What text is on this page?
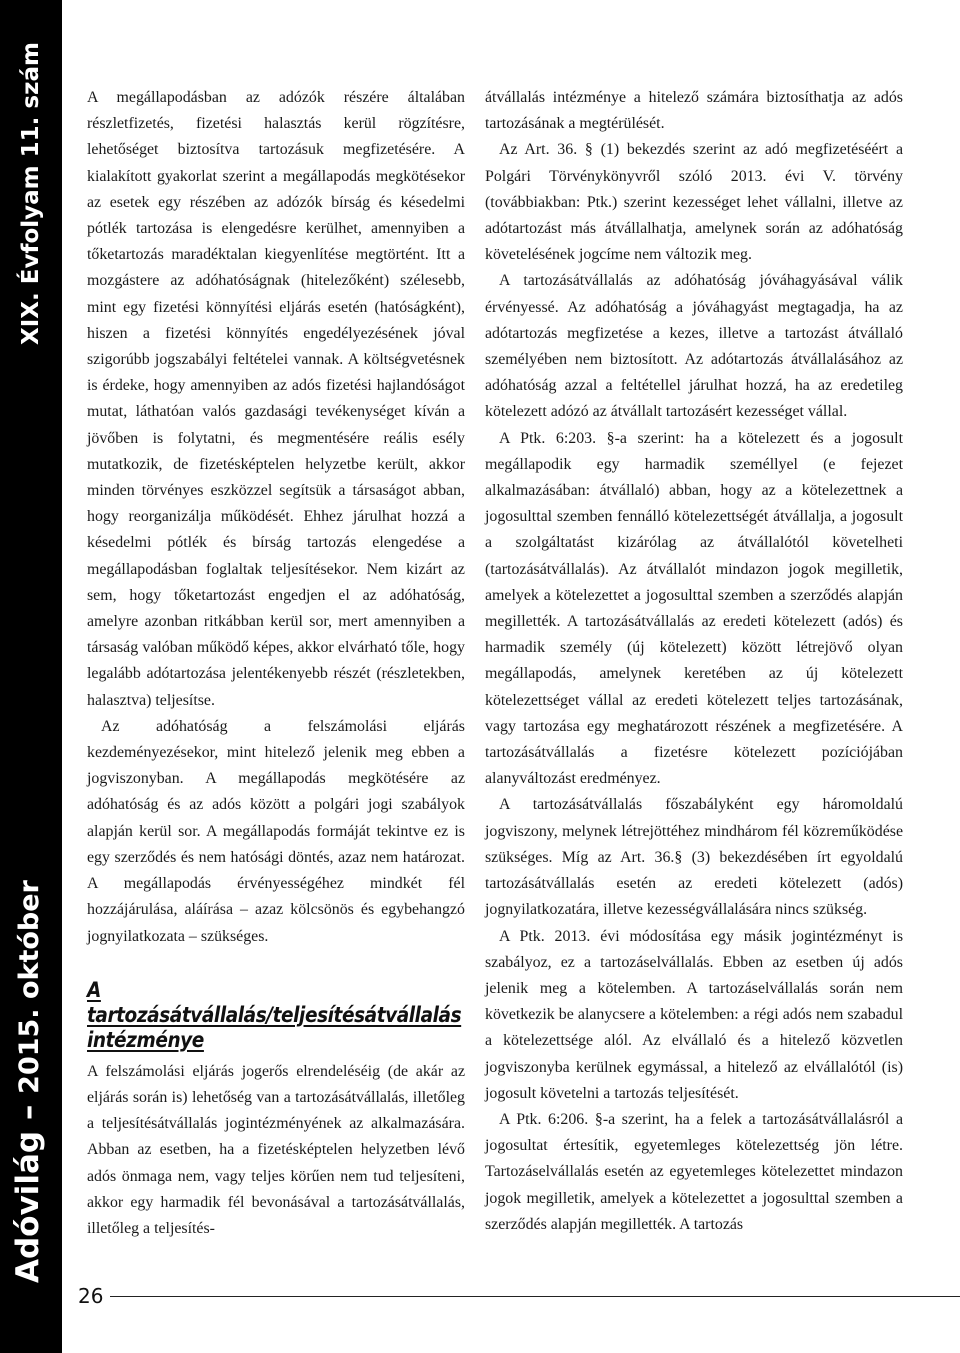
Adóvilág – 2015. október
XIX. Évfolyam 11. szám	A megállapodásban az adózók részére általában részletfizetés, fizetési halasztás kerül rögzítésre, lehetőséget biztosítva tartozásuk megfizetésére. A kialakított gyakorlat szerint a megállapodás megkötésekor az esetek egy részében az adózók bírság és késedelmi pótlék tartozása is elengedésre kerülhet, amennyiben a tőketartozás maradéktalan kiegyenlítése megtörtént. Itt a mozgástere az adóhatóságnak (hitelezőként) szélesebb, mint egy fizetési könnyítési eljárás esetén (hatóságként), hiszen a fizetési könnyítés engedélyezésének jóval szigorúbb jogszabályi feltételei vannak. A költségvetésnek is érdeke, hogy amennyiben az adós fizetési hajlandóságot mutat, láthatóan valós gazdasági tevékenységet kíván a jövőben is folytatni, és megmentésére reális esély mutatkozik, de fizetésképtelen helyzetbe került, akkor minden törvényes eszközzel segítsük a társaságot abban, hogy reorganizálja működését. Ehhez járulhat hozzá a késedelmi pótlék és bírság tartozás elengedése a megállapodásban foglaltak teljesítésekor. Nem kizárt az sem, hogy tőketartozást engedjen el az adóhatóság, amelyre azonban ritkábban kerül sor, mert amennyiben a társaság valóban működő képes, akkor elvárható tőle, hogy legalább adótartozása jelentékenyebb részét (részletekben, halasztva) teljesítse.

Az adóhatóság a felszámolási eljárás kezdeményezésekor, mint hitelező jelenik meg ebben a jogviszonyban. A megállapodás megkötésére az adóhatóság és az adós között a polgári jogi szabályok alapján kerül sor. A megállapodás formáját tekintve ez is egy szerződés és nem hatósági döntés, azaz nem határozat. A megállapodás érvényességéhez mindkét fél hozzájárulása, aláírása – azaz kölcsönös és egybehangzó jognyilatkozata – szükséges.

A tartozásátvállalás/teljesítésátvállalás intézménye

A felszámolási eljárás jogerős elrendeléséig (de akár az eljárás során is) lehetőség van a tartozásátvállalás, illetőleg a teljesítésátvállalás jogintézményének az alkalmazására. Abban az esetben, ha a fizetésképtelen helyzetben lévő adós önmaga nem, vagy teljes körűen nem tud teljesíteni, akkor egy harmadik fél bevonásával a tartozásátvállalás, illetőleg a teljesítés-

átvállalás intézménye a hitelező számára biztosíthatja az adós tartozásának a megtérülését.

Az Art. 36. § (1) bekezdés szerint az adó megfizetéséért a Polgári Törvénykönyvről szóló 2013. évi V. törvény (továbbiakban: Ptk.) szerint kezességet lehet vállalni, illetve az adótartozást más átvállalhatja, amelynek során az adóhatóság követelésének jogcíme nem változik meg.

A tartozásátvállalás az adóhatóság jóváhagyásával válik érvényessé. Az adóhatóság a jóváhagyást megtagadja, ha az adótartozás megfizetése a kezes, illetve a tartozást átvállaló személyében nem biztosított. Az adótartozás átvállalásához az adóhatóság azzal a feltétellel járulhat hozzá, ha az eredetileg kötelezett adózó az átvállalt tartozásért kezességet vállal.

A Ptk. 6:203. §-a szerint: ha a kötelezett és a jogosult megállapodik egy harmadik személlyel (e fejezet alkalmazásában: átvállaló) abban, hogy az a kötelezettnek a jogosulttal szemben fennálló kötelezettségét átvállalja, a jogosult a szolgáltatást kizárólag az átvállalótól követelheti (tartozásátvállalás). Az átvállalót mindazon jogok megilletik, amelyek a kötelezettet a jogosulttal szemben a szerződés alapján megillették. A tartozásátvállalás az eredeti kötelezett (adós) és harmadik személy (új kötelezett) között létrejövő olyan megállapodás, amelynek keretében az új kötelezett kötelezettséget vállal az eredeti kötelezett teljes tartozásának, vagy tartozása egy meghatározott részének a megfizetésére. A tartozásátvállalás a fizetésre kötelezett pozíciójában alanyváltozást eredményez.

A tartozásátvállalás főszabályként egy háromoldalú jogviszony, melynek létrejöttéhez mindhárom fél közreműködése szükséges. Míg az Art. 36.§ (3) bekezdésében írt egyoldalú tartozásátvállalás esetén az eredeti kötelezett (adós) jognyilatkozatára, illetve kezességvállalására nincs szükség.

A Ptk. 2013. évi módosítása egy másik jogintézményt is szabályoz, ez a tartozáselvállalás. Ebben az esetben új adós jelenik meg a kötelemben. A tartozáselvállalás során nem következik be alanycsere a kötelemben: a régi adós nem szabadul a kötelezettsége alól. Az elvállaló és a hitelező közvetlen jogviszonyba kerülnek egymással, a hitelező az elvállalótól (is) jogosult követelni a tartozás teljesítését.

A Ptk. 6:206. §-a szerint, ha a felek a tartozásátvállalásról a jogosultat értesítik, egyetemleges kötelezettség jön létre. Tartozáselvállalás esetén az egyetemleges kötelezettet mindazon jogok megilletik, amelyek a kötelezettet a jogosulttal szemben a szerződés alapján megillették. A tartozás

26
